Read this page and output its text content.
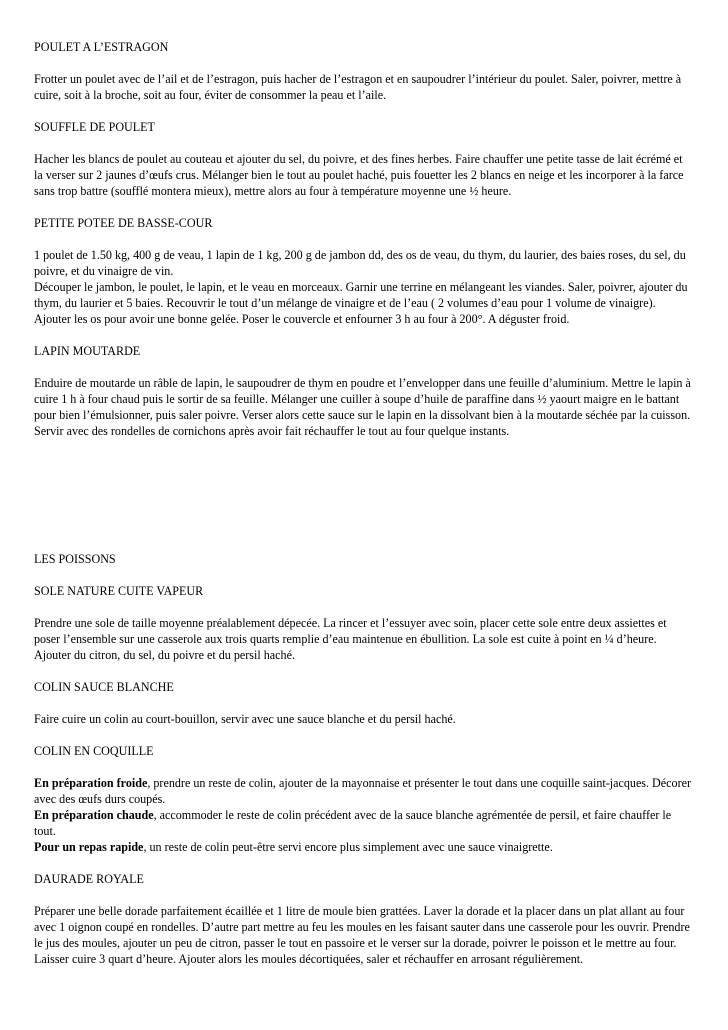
POULET A L’ESTRAGON

Frotter un poulet avec de l’ail et de l’estragon, puis hacher de l’estragon et en saupoudrer l’intérieur du poulet. Saler, poivrer, mettre à cuire, soit à la broche, soit au four, éviter de consommer la peau et l’aile.

SOUFFLE DE POULET

Hacher les blancs de poulet au couteau et ajouter du sel, du poivre, et des fines herbes. Faire chauffer une petite tasse de lait écrémé et la verser sur 2 jaunes d’œufs crus. Mélanger bien le tout au poulet haché, puis fouetter les 2 blancs en neige et les incorporer à la farce sans trop battre (soufflé montera mieux), mettre alors au four à température moyenne une ½ heure.

PETITE POTEE DE BASSE-COUR

1 poulet de 1.50 kg, 400 g de veau, 1 lapin de 1 kg, 200 g de jambon dd, des os de veau, du thym, du laurier, des baies roses, du sel, du poivre, et du vinaigre de vin.

Découper le jambon, le poulet, le lapin, et le veau en morceaux. Garnir une terrine en mélangeant les viandes. Saler, poivrer, ajouter du thym, du laurier et 5 baies. Recouvrir le tout d’un mélange de vinaigre et de l’eau ( 2 volumes d’eau pour 1 volume de vinaigre). Ajouter les os pour avoir une bonne gelée. Poser le couvercle et enfourner 3 h au four à 200°. A déguster froid.

LAPIN MOUTARDE

Enduire de moutarde un râble de lapin, le saupoudrer de thym en poudre et l’envelopper dans une feuille d’aluminium. Mettre le lapin à cuire 1 h à four chaud puis le sortir de sa feuille. Mélanger une cuiller à soupe d’huile de paraffine dans ½ yaourt maigre en le battant pour bien l’émulsionner, puis saler poivre. Verser alors cette sauce sur le lapin en la dissolvant bien à la moutarde séchée par la cuisson. Servir avec des rondelles de cornichons après avoir fait réchauffer le tout au four quelque instants.

LES POISSONS

SOLE NATURE CUITE VAPEUR

Prendre une sole de taille moyenne préalablement dépecée. La rincer et l’essuyer avec soin, placer cette sole entre deux assiettes et poser l’ensemble sur une casserole aux trois quarts remplie d’eau maintenue en ébullition. La sole est cuite à point en ¼ d’heure. Ajouter du citron, du sel, du poivre et du persil haché.

COLIN SAUCE BLANCHE

Faire cuire un colin au court-bouillon, servir avec une sauce blanche et du persil haché.

COLIN EN COQUILLE

En préparation froide, prendre un reste de colin, ajouter de la mayonnaise et présenter le tout dans une coquille saint-jacques. Décorer avec des œufs durs coupés.

En préparation chaude, accommoder le reste de colin précédent avec de la sauce blanche agrémentée de persil, et faire chauffer le tout.

Pour un repas rapide, un reste de colin peut-être servi encore plus simplement avec une sauce vinaigrette.

DAURADE ROYALE

Préparer une belle dorade parfaitement écaillée et 1 litre de moule bien grattées. Laver la dorade et la placer dans un plat allant au four avec 1 oignon coupé en rondelles. D’autre part mettre au feu les moules en les faisant sauter dans une casserole pour les ouvrir. Prendre le jus des moules, ajouter un peu de citron, passer le tout en passoire et le verser sur la dorade, poivrer le poisson et le mettre au four. Laisser cuire 3 quart d’heure. Ajouter alors les moules décortiquées, saler et réchauffer en arrosant régulièrement.
